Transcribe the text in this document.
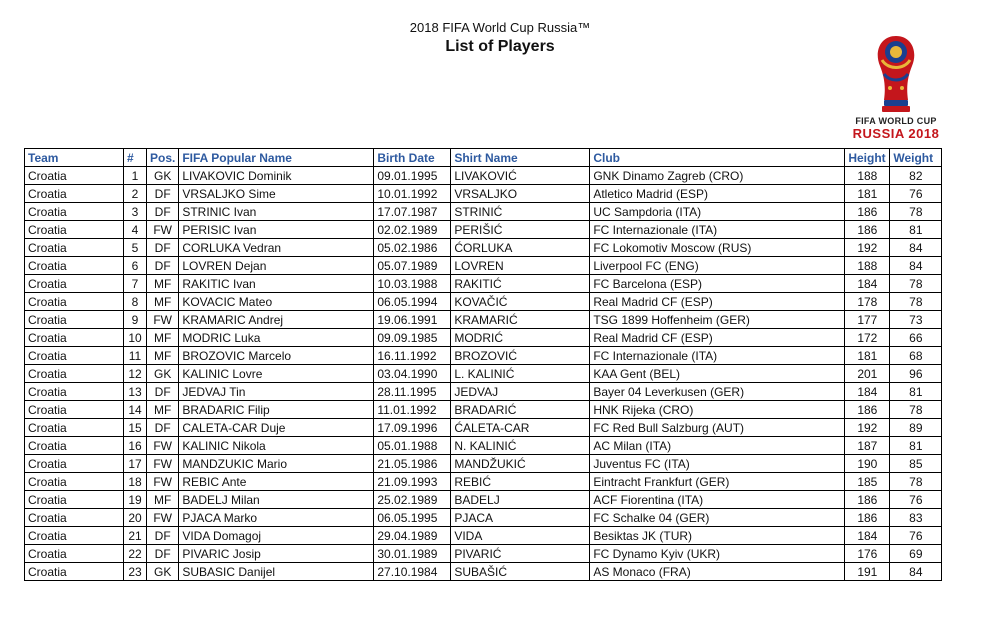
2018 FIFA World Cup Russia™
List of Players
FIFA WORLD CUP
RUSSIA 2018
Team	#	Pos.	FIFA Popular Name	Birth Date	Shirt Name	Club	Height	Weight
Croatia	1	GK	LIVAKOVIC Dominik	09.01.1995	LIVAKOVIĆ	GNK Dinamo Zagreb (CRO)	188	82
Croatia	2	DF	VRSALJKO Sime	10.01.1992	VRSALJKO	Atletico Madrid (ESP)	181	76
Croatia	3	DF	STRINIC Ivan	17.07.1987	STRINIĆ	UC Sampdoria (ITA)	186	78
Croatia	4	FW	PERISIC Ivan	02.02.1989	PERIŠIĆ	FC Internazionale (ITA)	186	81
Croatia	5	DF	CORLUKA Vedran	05.02.1986	ĆORLUKA	FC Lokomotiv Moscow (RUS)	192	84
Croatia	6	DF	LOVREN Dejan	05.07.1989	LOVREN	Liverpool FC (ENG)	188	84
Croatia	7	MF	RAKITIC Ivan	10.03.1988	RAKITIĆ	FC Barcelona (ESP)	184	78
Croatia	8	MF	KOVACIC Mateo	06.05.1994	KOVAČIĆ	Real Madrid CF (ESP)	178	78
Croatia	9	FW	KRAMARIC Andrej	19.06.1991	KRAMARIĆ	TSG 1899 Hoffenheim (GER)	177	73
Croatia	10	MF	MODRIC Luka	09.09.1985	MODRIĆ	Real Madrid CF (ESP)	172	66
Croatia	11	MF	BROZOVIC Marcelo	16.11.1992	BROZOVIĆ	FC Internazionale (ITA)	181	68
Croatia	12	GK	KALINIC Lovre	03.04.1990	L. KALINIĆ	KAA Gent (BEL)	201	96
Croatia	13	DF	JEDVAJ Tin	28.11.1995	JEDVAJ	Bayer 04 Leverkusen (GER)	184	81
Croatia	14	MF	BRADARIC Filip	11.01.1992	BRADARIĆ	HNK Rijeka (CRO)	186	78
Croatia	15	DF	CALETA-CAR Duje	17.09.1996	ĆALETA-CAR	FC Red Bull Salzburg (AUT)	192	89
Croatia	16	FW	KALINIC Nikola	05.01.1988	N. KALINIĆ	AC Milan (ITA)	187	81
Croatia	17	FW	MANDZUKIC Mario	21.05.1986	MANDŽUKIĆ	Juventus FC (ITA)	190	85
Croatia	18	FW	REBIC Ante	21.09.1993	REBIĆ	Eintracht Frankfurt (GER)	185	78
Croatia	19	MF	BADELJ Milan	25.02.1989	BADELJ	ACF Fiorentina (ITA)	186	76
Croatia	20	FW	PJACA Marko	06.05.1995	PJACA	FC Schalke 04 (GER)	186	83
Croatia	21	DF	VIDA Domagoj	29.04.1989	VIDA	Besiktas JK (TUR)	184	76
Croatia	22	DF	PIVARIC Josip	30.01.1989	PIVARIĆ	FC Dynamo Kyiv (UKR)	176	69
Croatia	23	GK	SUBASIC Danijel	27.10.1984	SUBAŠIĆ	AS Monaco (FRA)	191	84
